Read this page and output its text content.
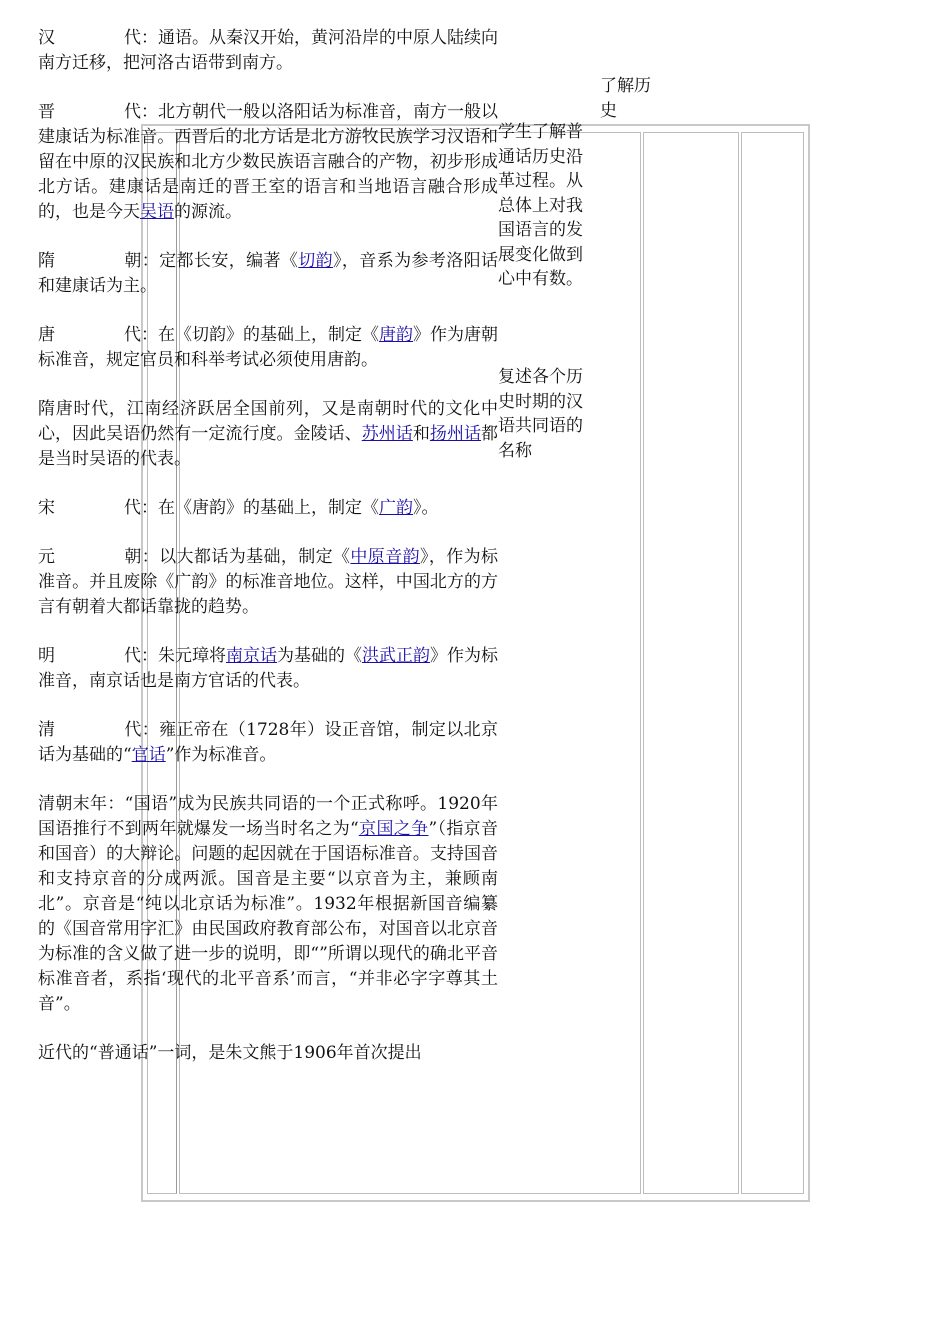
汉	代：通语。从秦汉开始，黄河沿岸的中原人陆续向南方迁移，把河洛古语带到南方。

晋	代：北方朝代一般以洛阳话为标准音，南方一般以建康话为标准音。西晋后的北方话是北方游牧民族学习汉语和留在中原的汉民族和北方少数民族语言融合的产物，初步形成北方话。建康话是南迁的晋王室的语言和当地语言融合形成的，也是今天吴语的源流。

隋	朝：定都长安，编著《切韵》，音系为参考洛阳话和建康话为主。

唐	代：在《切韵》的基础上，制定《唐韵》作为唐朝标准音，规定官员和科举考试必须使用唐韵。

隋唐时代，江南经济跃居全国前列，又是南朝时代的文化中心，因此吴语仍然有一定流行度。金陵话、苏州话和扬州话都是当时吴语的代表。

宋	代：在《唐韵》的基础上，制定《广韵》。

元	朝：以大都话为基础，制定《中原音韵》，作为标准音。并且废除《广韵》的标准音地位。这样，中国北方的方言有朝着大都话靠拢的趋势。

明	代：朱元璋将南京话为基础的《洪武正韵》作为标准音，南京话也是南方官话的代表。

清	代：雍正帝在（1728年）设正音馆，制定以北京话为基础的“官话”作为标准音。

清朝末年：“国语”成为民族共同语的一个正式称呼。1920年国语推行不到两年就爆发一场当时名之为“京国之争”（指京音和国音）的大辩论。问题的起因就在于国语标准音。支持国音和支持京音的分成两派。国音是主要“以京音为主，兼顾南北”。京音是“纯以北京话为标准”。1932年根据新国音编纂的《国音常用字汇》由民国政府教育部公布，对国音以北京音为标准的含义做了进一步的说明，即“”所谓以现代的确北平音标准音者，系指‘现代的北平音系’而言，“并非必字字尊其土音”。

近代的“普通话”一词，是朱文熊于1906年首次提出

学生了解普通话历史沿革过程。从总体上对我国语言的发展变化做到心中有数。
复述各个历史时期的汉语共同语的名称
了解历史
